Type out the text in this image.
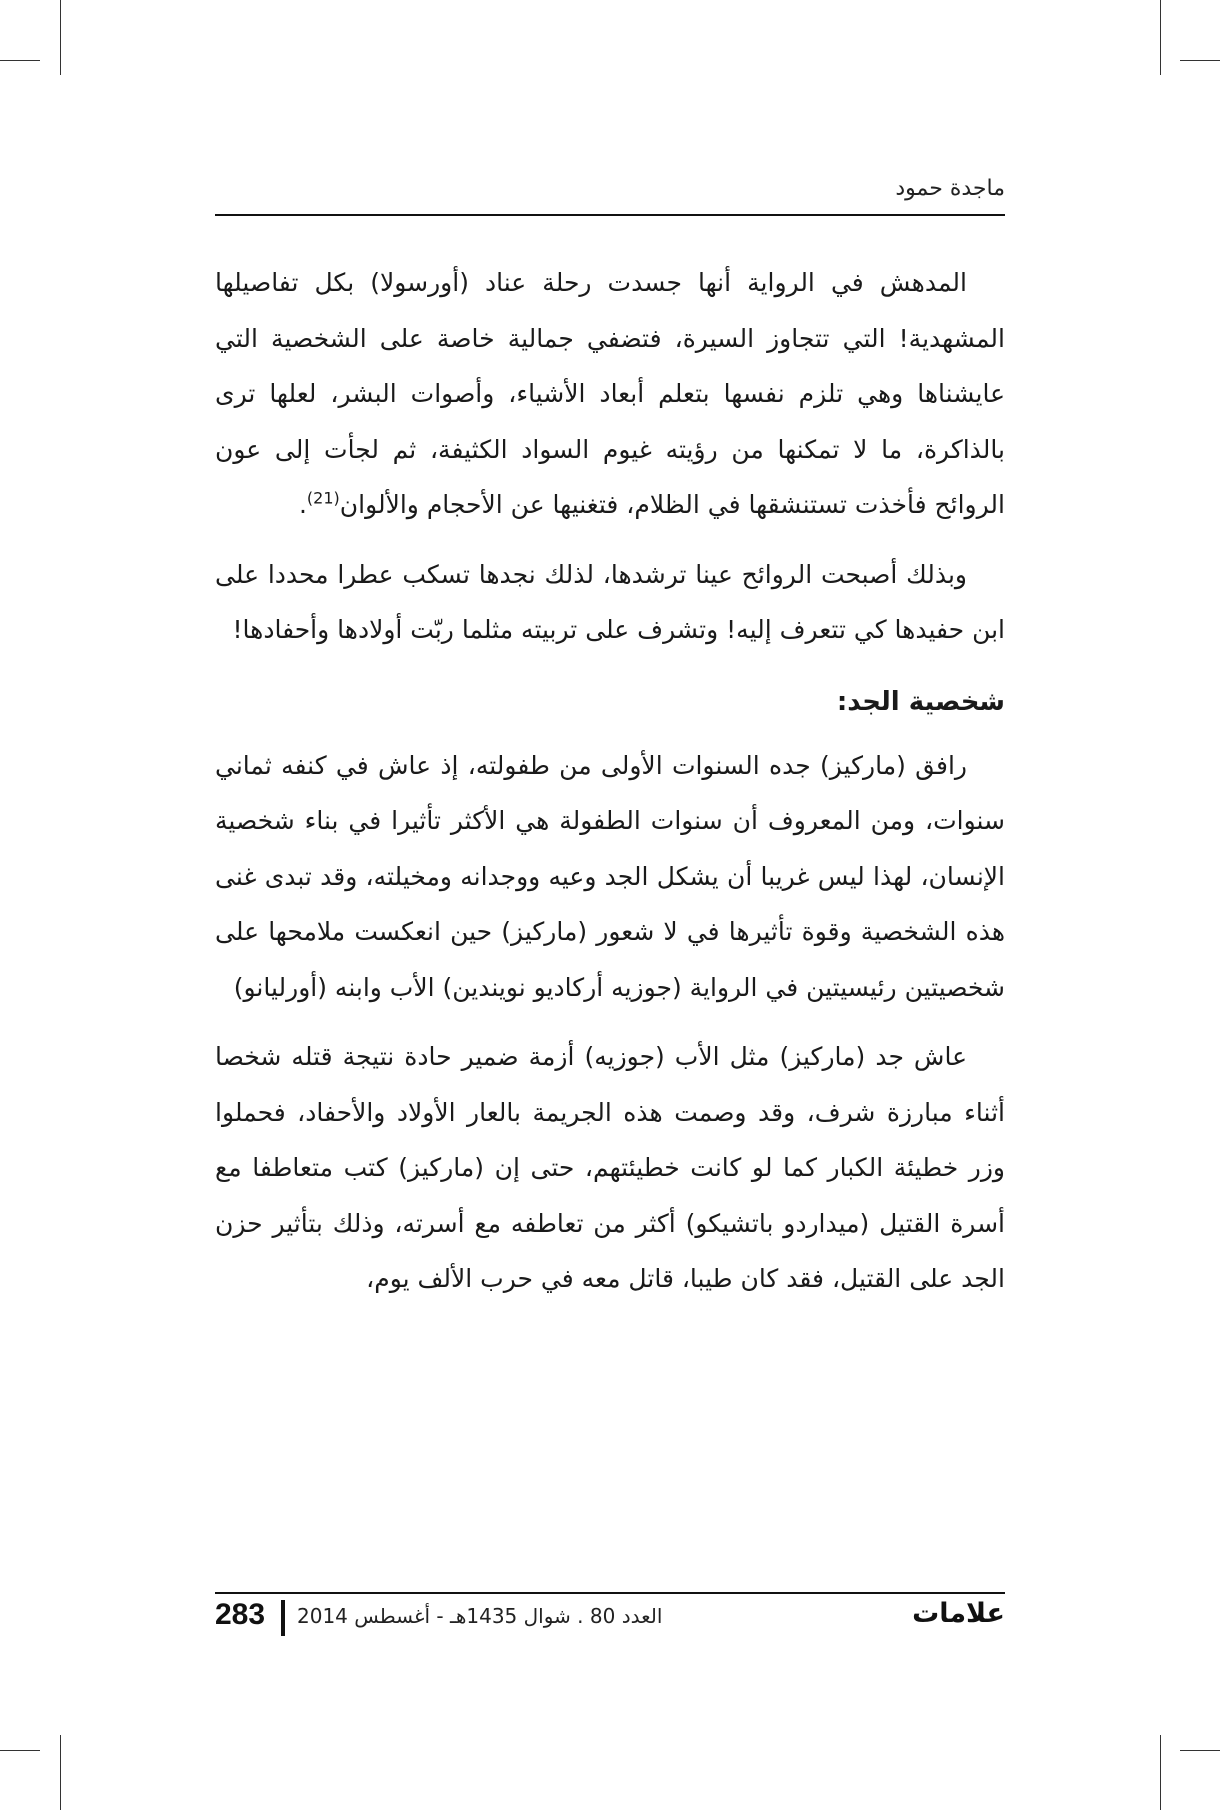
ماجدة حمود

المدهش في الرواية أنها جسدت رحلة عناد (أورسولا) بكل تفاصيلها المشهدية! التي تتجاوز السيرة، فتضفي جمالية خاصة على الشخصية التي عايشناها وهي تلزم نفسها بتعلم أبعاد الأشياء، وأصوات البشر، لعلها ترى بالذاكرة، ما لا تمكنها من رؤيته غيوم السواد الكثيفة، ثم لجأت إلى عون الروائح فأخذت تستنشقها في الظلام، فتغنيها عن الأحجام والألوان$^{(21)}$.

وبذلك أصبحت الروائح عينا ترشدها، لذلك نجدها تسكب عطرا محددا على ابن حفيدها كي تتعرف إليه! وتشرف على تربيته مثلما ربّت أولادها وأحفادها!

شخصية الجد:

رافق (ماركيز) جده السنوات الأولى من طفولته، إذ عاش في كنفه ثماني سنوات، ومن المعروف أن سنوات الطفولة هي الأكثر تأثيرا في بناء شخصية الإنسان، لهذا ليس غريبا أن يشكل الجد وعيه ووجدانه ومخيلته، وقد تبدى غنى هذه الشخصية وقوة تأثيرها في لا شعور (ماركيز) حين انعكست ملامحها على شخصيتين رئيسيتين في الرواية (جوزيه أركاديو نويندين) الأب وابنه (أورليانو)

عاش جد (ماركيز) مثل الأب (جوزيه) أزمة ضمير حادة نتيجة قتله شخصا أثناء مبارزة شرف، وقد وصمت هذه الجريمة بالعار الأولاد والأحفاد، فحملوا وزر خطيئة الكبار كما لو كانت خطيئتهم، حتى إن (ماركيز) كتب متعاطفا مع أسرة القتيل (ميداردو باتشيكو) أكثر من تعاطفه مع أسرته، وذلك بتأثير حزن الجد على القتيل، فقد كان طيبا، قاتل معه في حرب الألف يوم،

283 العدد 80 . شوال 1435هـ - أغسطس 2014	علامات
